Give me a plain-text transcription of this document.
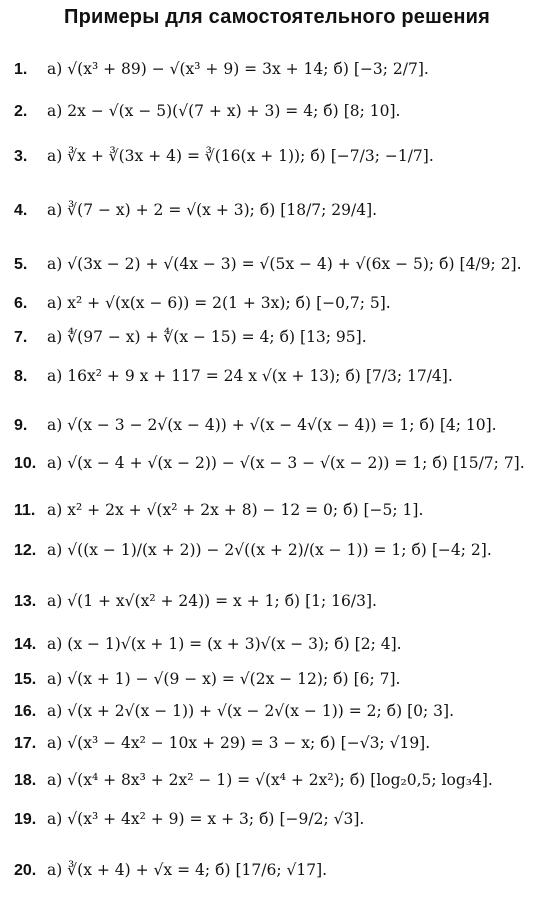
Примеры для самостоятельного решения
1.	а) √(x³ + 89) − √(x³ + 9) = 3x + 14; б) [−3; 2/7].
2.	а) 2x − √(x − 5)(√(7 + x) + 3) = 4; б) [8; 10].
3.	а) ∛x + ∛(3x + 4) = ∛(16(x + 1)); б) [−7/3; −1/7].
4.	а) ∛(7 − x) + 2 = √(x + 3); б) [18/7; 29/4].
5.	а) √(3x − 2) + √(4x − 3) = √(5x − 4) + √(6x − 5); б) [4/9; 2].
6.	а) x² + √(x(x − 6)) = 2(1 + 3x); б) [−0,7; 5].
7.	а) ∜(97 − x) + ∜(x − 15) = 4; б) [13; 95].
8.	а) 16x² + 9 x + 117 = 24 x √(x + 13); б) [7/3; 17/4].
9.	а) √(x − 3 − 2√(x − 4)) + √(x − 4√(x − 4)) = 1; б) [4; 10].
10. а) √(x − 4 + √(x − 2)) − √(x − 3 − √(x − 2)) = 1; б) [15/7; 7].
11. а) x² + 2x + √(x² + 2x + 8) − 12 = 0; б) [−5; 1].
12. а) √((x − 1)/(x + 2)) − 2√((x + 2)/(x − 1)) = 1; б) [−4; 2].
13. а) √(1 + x√(x² + 24)) = x + 1; б) [1; 16/3].
14. а) (x − 1)√(x + 1) = (x + 3)√(x − 3); б) [2; 4].
15. а) √(x + 1) − √(9 − x) = √(2x − 12); б) [6; 7].
16. а) √(x + 2√(x − 1)) + √(x − 2√(x − 1)) = 2; б) [0; 3].
17. а) √(x³ − 4x² − 10x + 29) = 3 − x; б) [−√3; √19].
18. а) √(x⁴ + 8x³ + 2x² − 1) = √(x⁴ + 2x²); б) [log₂0,5; log₃4].
19. а) √(x³ + 4x² + 9) = x + 3; б) [−9/2; √3].
20. а) ∛(x + 4) + √x = 4; б) [17/6; √17].
